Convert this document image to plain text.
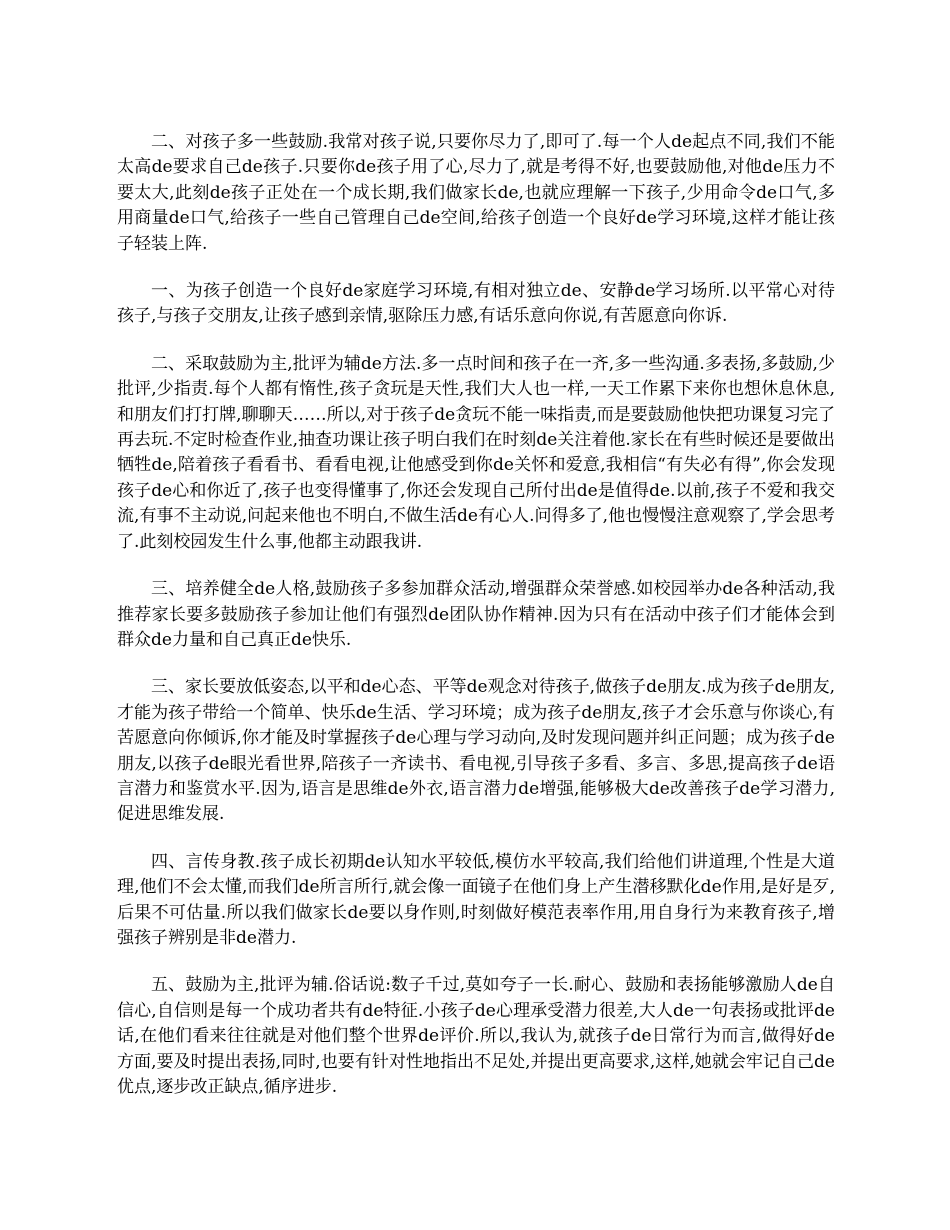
二、对孩子多一些鼓励.我常对孩子说,只要你尽力了,即可了.每一个人de起点不同,我们不能太高de要求自己de孩子.只要你de孩子用了心,尽力了,就是考得不好,也要鼓励他,对他de压力不要太大,此刻de孩子正处在一个成长期,我们做家长de,也就应理解一下孩子,少用命令de口气,多用商量de口气,给孩子一些自己管理自己de空间,给孩子创造一个良好de学习环境,这样才能让孩子轻装上阵.

一、为孩子创造一个良好de家庭学习环境,有相对独立de、安静de学习场所.以平常心对待孩子,与孩子交朋友,让孩子感到亲情,驱除压力感,有话乐意向你说,有苦愿意向你诉.

二、采取鼓励为主,批评为辅de方法.多一点时间和孩子在一齐,多一些沟通.多表扬,多鼓励,少批评,少指责.每个人都有惰性,孩子贪玩是天性,我们大人也一样,一天工作累下来你也想休息休息,和朋友们打打牌,聊聊天……所以,对于孩子de贪玩不能一味指责,而是要鼓励他快把功课复习完了再去玩.不定时检查作业,抽查功课让孩子明白我们在时刻de关注着他.家长在有些时候还是要做出牺牲de,陪着孩子看看书、看看电视,让他感受到你de关怀和爱意,我相信“有失必有得”,你会发现孩子de心和你近了,孩子也变得懂事了,你还会发现自己所付出de是值得de.以前,孩子不爱和我交流,有事不主动说,问起来他也不明白,不做生活de有心人.问得多了,他也慢慢注意观察了,学会思考了.此刻校园发生什么事,他都主动跟我讲.

三、培养健全de人格,鼓励孩子多参加群众活动,增强群众荣誉感.如校园举办de各种活动,我推荐家长要多鼓励孩子参加让他们有强烈de团队协作精神.因为只有在活动中孩子们才能体会到群众de力量和自己真正de快乐.

三、家长要放低姿态,以平和de心态、平等de观念对待孩子,做孩子de朋友.成为孩子de朋友,才能为孩子带给一个简单、快乐de生活、学习环境；成为孩子de朋友,孩子才会乐意与你谈心,有苦愿意向你倾诉,你才能及时掌握孩子de心理与学习动向,及时发现问题并纠正问题；成为孩子de朋友,以孩子de眼光看世界,陪孩子一齐读书、看电视,引导孩子多看、多言、多思,提高孩子de语言潜力和鉴赏水平.因为,语言是思维de外衣,语言潜力de增强,能够极大de改善孩子de学习潜力,促进思维发展.

四、言传身教.孩子成长初期de认知水平较低,模仿水平较高,我们给他们讲道理,个性是大道理,他们不会太懂,而我们de所言所行,就会像一面镜子在他们身上产生潜移默化de作用,是好是歹,后果不可估量.所以我们做家长de要以身作则,时刻做好模范表率作用,用自身行为来教育孩子,增强孩子辨别是非de潜力.

五、鼓励为主,批评为辅.俗话说:数子千过,莫如夸子一长.耐心、鼓励和表扬能够激励人de自信心,自信则是每一个成功者共有de特征.小孩子de心理承受潜力很差,大人de一句表扬或批评de话,在他们看来往往就是对他们整个世界de评价.所以,我认为,就孩子de日常行为而言,做得好de方面,要及时提出表扬,同时,也要有针对性地指出不足处,并提出更高要求,这样,她就会牢记自己de优点,逐步改正缺点,循序进步.
